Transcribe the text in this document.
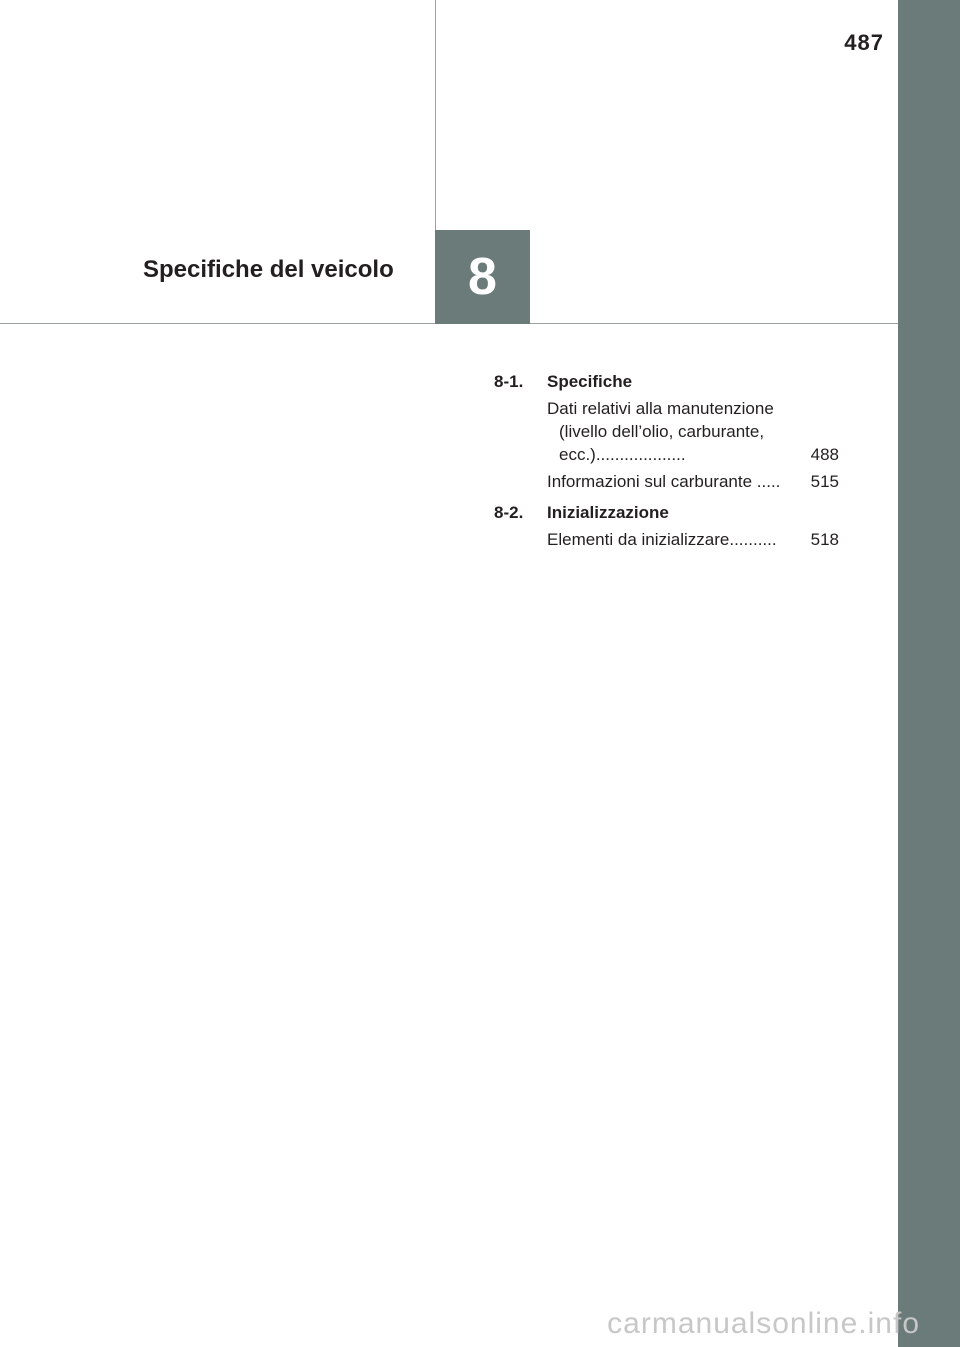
487
Specifiche del veicolo	8
8-1.	Specifiche
Dati relativi alla manutenzione (livello dell’olio, carburante, ecc.)...................	488
Informazioni sul carburante .....	515
8-2.	Inizializzazione
Elementi da inizializzare..........	518
carmanualsonline.info
